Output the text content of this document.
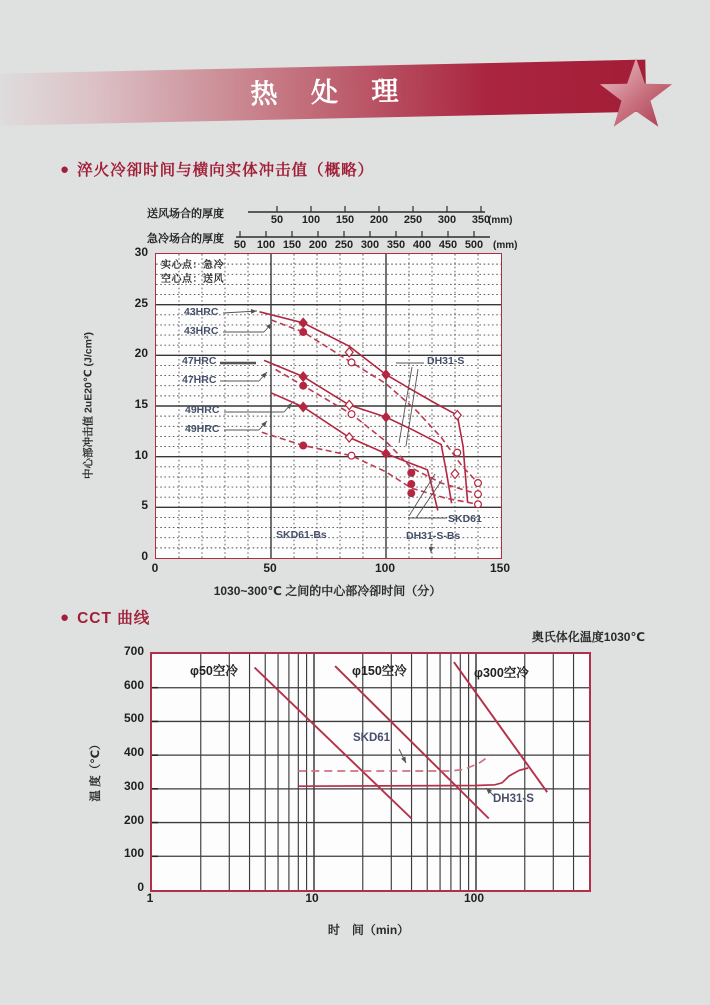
热 处 理
● 淬火冷卻时间与横向实体冲击值（概略）
实心点：急冷
空心点：送风
1030~300℃ 之间的中心部冷卻时间（分）
中心部冲击值 2uE20℃ (J/cm²)
● CCT 曲线
奥氏体化温度1030℃
时　间（min）
温 度（℃）
30
25
20
15
10
5
0
0	50	100	150
43HRC
43HRC
47HRC
47HRC
49HRC
49HRC
DH31-S
SKD61
SKD61-Bs	DH31-S-Bs
50	100	150	200	250	300	350
送风场合的厚度
(mm)
50 100 150 200 250 300 350 400 450 500
急冷场合的厚度
(mm)
700
600
500
400
300
200
100
0
1	10	100
φ50空冷	φ150空冷	φ300空冷
SKD61
DH31-S
